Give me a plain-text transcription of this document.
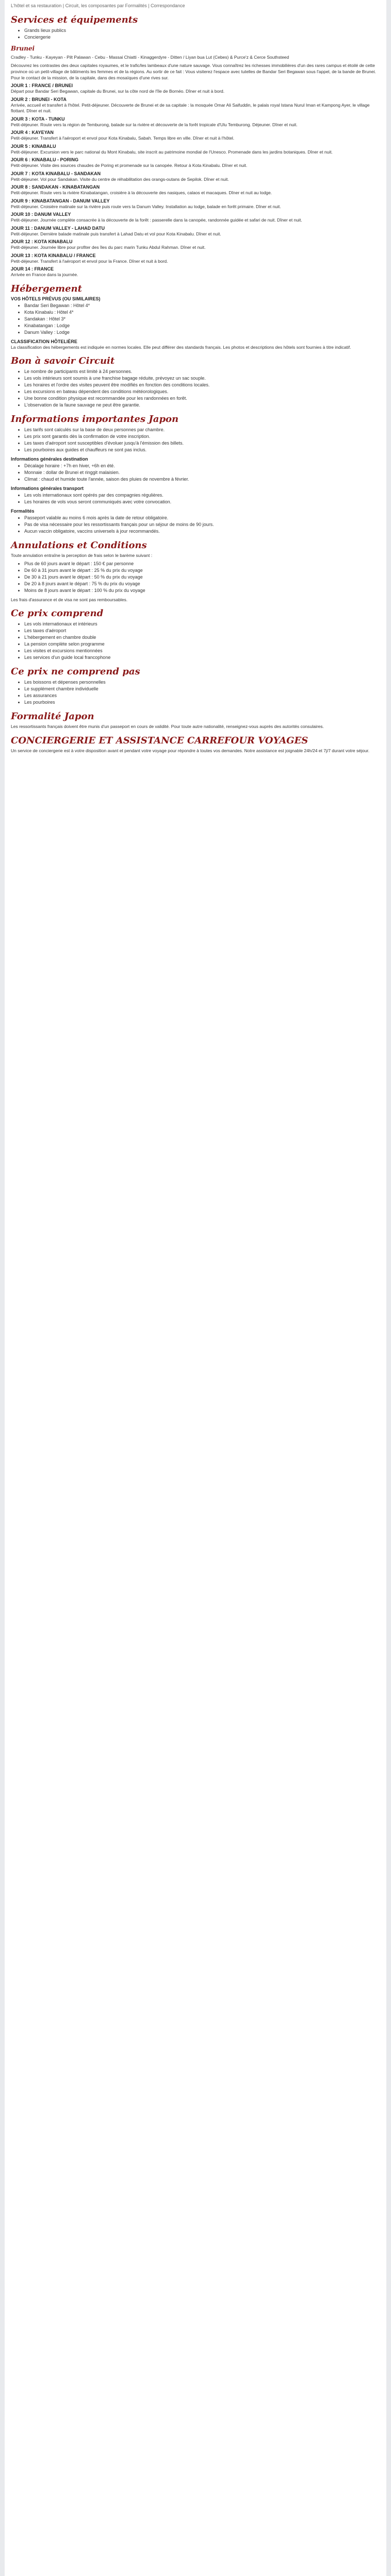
L'hôtel et sa restauration | Circuit, les composantes par Formalités | Correspondance
Services et équipements
• Grands lieux publics
• Conciergerie
Brunei

Cradley - Tunku - Kayeyan - Pilt Palawan - Cebu - Massai Chiatti - Kinaggerdyre - Ditten / Liyan bua Lut (Cebes) & Purce'z & Cerce Southsteed

Découvrez les contrastes des deux capitales royaumes, et le trafic/les lambeaux d'une nature sauvage. Vous connaîtrez les richesses immobilières d'un des rares campus et étoilé de cette province où un petit-village de bâtiments les femmes et de la régions. Au sortir de ce fait : Vous visiterez l'espace avec tutelles de Bandar Seri Begawan sous l'appel, de la bande de Brunei. Pour le contact de la mission, de la capitale, dans des mosaïques d'une rives sur.

JOUR 1 : FRANCE / BRUNEI
Départ pour Bandar Seri Begawan, capitale du Brunei, sur la côte nord de l'île de Bornéo. Dîner et nuit à bord.
JOUR 2 : BRUNEI - KOTA
Arrivée, accueil et transfert à l'hôtel. Petit-déjeuner. Découverte de Brunei et de sa capitale : la mosquée Omar Ali Saifuddin, le palais royal Istana Nurul Iman et Kampong Ayer, le village flottant. Dîner et nuit.
JOUR 3 : KOTA - TUNKU
Petit-déjeuner. Route vers la région de Temburong, balade sur la rivière et découverte de la forêt tropicale d'Ulu Temburong. Déjeuner. Dîner et nuit.
JOUR 4 : KAYEYAN
Petit-déjeuner. Transfert à l'aéroport et envol pour Kota Kinabalu, Sabah. Temps libre en ville. Dîner et nuit à l'hôtel.
JOUR 5 : KINABALU
Petit-déjeuner. Excursion vers le parc national du Mont Kinabalu, site inscrit au patrimoine mondial de l'Unesco. Promenade dans les jardins botaniques. Dîner et nuit.
JOUR 6 : KINABALU - PORING
Petit-déjeuner. Visite des sources chaudes de Poring et promenade sur la canopée. Retour à Kota Kinabalu. Dîner et nuit.
JOUR 7 : KOTA KINABALU - SANDAKAN
Petit-déjeuner. Vol pour Sandakan. Visite du centre de réhabilitation des orangs-outans de Sepilok. Dîner et nuit.
JOUR 8 : SANDAKAN - KINABATANGAN
Petit-déjeuner. Route vers la rivière Kinabatangan, croisière à la découverte des nasiques, calaos et macaques. Dîner et nuit au lodge.
JOUR 9 : KINABATANGAN - DANUM VALLEY
Petit-déjeuner. Croisière matinale sur la rivière puis route vers la Danum Valley. Installation au lodge, balade en forêt primaire. Dîner et nuit.
JOUR 10 : DANUM VALLEY
Petit-déjeuner. Journée complète consacrée à la découverte de la forêt : passerelle dans la canopée, randonnée guidée et safari de nuit. Dîner et nuit.
JOUR 11 : DANUM VALLEY - LAHAD DATU
Petit-déjeuner. Dernière balade matinale puis transfert à Lahad Datu et vol pour Kota Kinabalu. Dîner et nuit.
JOUR 12 : KOTA KINABALU
Petit-déjeuner. Journée libre pour profiter des îles du parc marin Tunku Abdul Rahman. Dîner et nuit.
JOUR 13 : KOTA KINABALU / FRANCE
Petit-déjeuner. Transfert à l'aéroport et envol pour la France. Dîner et nuit à bord.
JOUR 14 : FRANCE
Arrivée en France dans la journée.
Hébergement
VOS HÔTELS PRÉVUS (OU SIMILAIRES)
• Bandar Seri Begawan : Hôtel 4*
• Kota Kinabalu : Hôtel 4*
• Sandakan : Hôtel 3*
• Kinabatangan : Lodge
• Danum Valley : Lodge
CLASSIFICATION HÔTELIÈRE

La classification des hébergements est indiquée en normes locales. Elle peut différer des standards français. Les photos et descriptions des hôtels sont fournies à titre indicatif.

Bon à savoir Circuit
• Le nombre de participants est limité à 24 personnes.
• Les vols intérieurs sont soumis à une franchise bagage réduite, prévoyez un sac souple.
• Les horaires et l'ordre des visites peuvent être modifiés en fonction des conditions locales.
• Les excursions en bateau dépendent des conditions météorologiques.
• Une bonne condition physique est recommandée pour les randonnées en forêt.
• L'observation de la faune sauvage ne peut être garantie.
Informations importantes Japon
• Les tarifs sont calculés sur la base de deux personnes par chambre.
• Les prix sont garantis dès la confirmation de votre inscription.
• Les taxes d'aéroport sont susceptibles d'évoluer jusqu'à l'émission des billets.
• Les pourboires aux guides et chauffeurs ne sont pas inclus.
Informations générales destination
• Décalage horaire : +7h en hiver, +6h en été.
• Monnaie : dollar de Brunei et ringgit malaisien.
• Climat : chaud et humide toute l'année, saison des pluies de novembre à février.
Informations générales transport
• Les vols internationaux sont opérés par des compagnies régulières.
• Les horaires de vols vous seront communiqués avec votre convocation.
Formalités
• Passeport valable au moins 6 mois après la date de retour obligatoire.
• Pas de visa nécessaire pour les ressortissants français pour un séjour de moins de 90 jours.
• Aucun vaccin obligatoire, vaccins universels à jour recommandés.
Annulations et Conditions

Toute annulation entraîne la perception de frais selon le barème suivant :

• Plus de 60 jours avant le départ : 150 € par personne
• De 60 à 31 jours avant le départ : 25 % du prix du voyage
• De 30 à 21 jours avant le départ : 50 % du prix du voyage
• De 20 à 8 jours avant le départ : 75 % du prix du voyage
• Moins de 8 jours avant le départ : 100 % du prix du voyage

Les frais d'assurance et de visa ne sont pas remboursables.

Ce prix comprend
• Les vols internationaux et intérieurs
• Les taxes d'aéroport
• L'hébergement en chambre double
• La pension complète selon programme
• Les visites et excursions mentionnées
• Les services d'un guide local francophone
Ce prix ne comprend pas
• Les boissons et dépenses personnelles
• Le supplément chambre individuelle
• Les assurances
• Les pourboires
Formalité Japon

Les ressortissants français doivent être munis d'un passeport en cours de validité. Pour toute autre nationalité, renseignez-vous auprès des autorités consulaires.

CONCIERGERIE ET ASSISTANCE CARREFOUR VOYAGES

Un service de conciergerie est à votre disposition avant et pendant votre voyage pour répondre à toutes vos demandes. Notre assistance est joignable 24h/24 et 7j/7 durant votre séjour.
